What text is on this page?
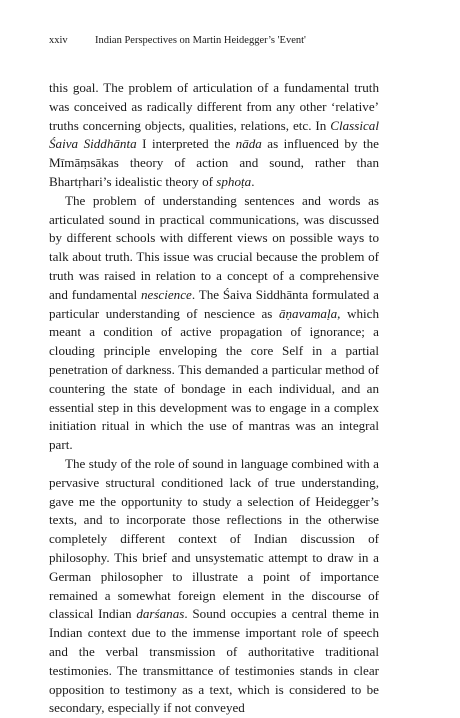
xxiv	Indian Perspectives on Martin Heidegger’s 'Event'

this goal. The problem of articulation of a fundamental truth was conceived as radically different from any other ‘relative’ truths concerning objects, qualities, relations, etc. In Classical Śaiva Siddhānta I interpreted the nāda as influenced by the Mīmāṃsākas theory of action and sound, rather than Bhartṛhari’s idealistic theory of sphoṭa.

The problem of understanding sentences and words as articulated sound in practical communications, was discussed by different schools with different views on possible ways to talk about truth. This issue was crucial because the problem of truth was raised in relation to a concept of a comprehensive and fundamental nescience. The Śaiva Siddhānta formulated a particular understanding of nescience as āṇavamaḷa, which meant a condition of active propagation of ignorance; a clouding principle enveloping the core Self in a partial penetration of darkness. This demanded a particular method of countering the state of bondage in each individual, and an essential step in this development was to engage in a complex initiation ritual in which the use of mantras was an integral part.

The study of the role of sound in language combined with a pervasive structural conditioned lack of true understanding, gave me the opportunity to study a selection of Heidegger’s texts, and to incorporate those reflections in the otherwise completely different context of Indian discussion of philosophy. This brief and unsystematic attempt to draw in a German philosopher to illustrate a point of importance remained a somewhat foreign element in the discourse of classical Indian darśanas. Sound occupies a central theme in Indian context due to the immense important role of speech and the verbal transmission of authoritative traditional testimonies. The transmittance of testimonies stands in clear opposition to testimony as a text, which is considered to be secondary, especially if not conveyed
